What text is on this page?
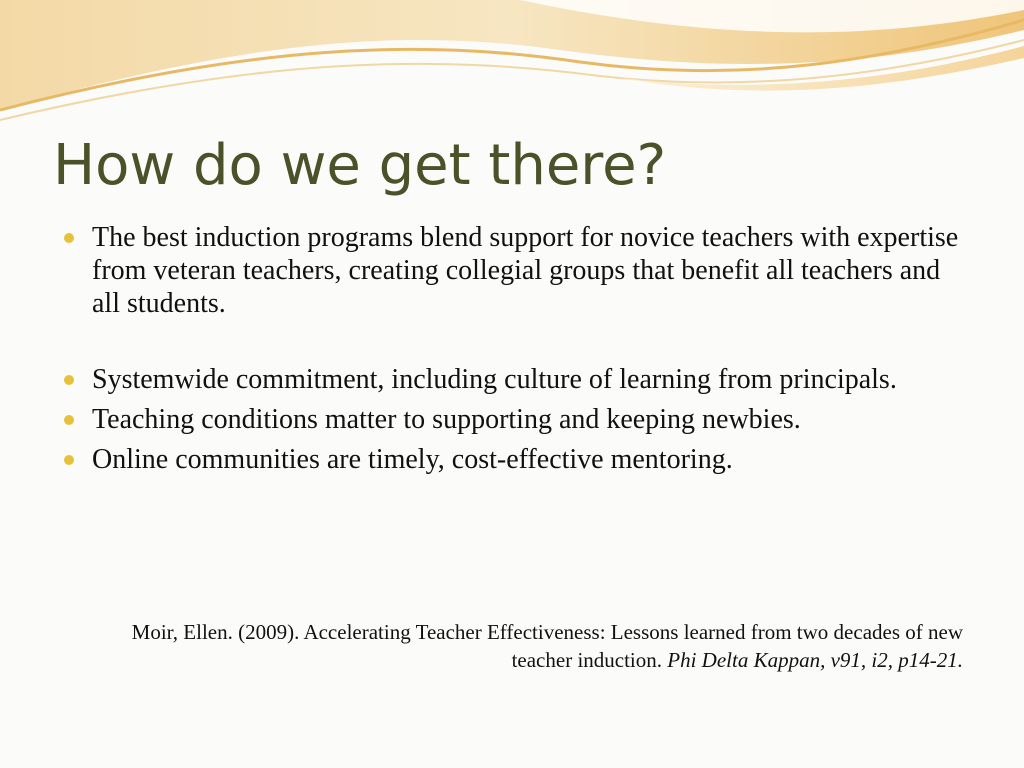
How do we get there?
The best induction programs blend support for novice teachers with expertise from veteran teachers, creating collegial groups that benefit all teachers and all students.
Systemwide commitment, including culture of learning from principals.
Teaching conditions matter to supporting and keeping newbies.
Online communities are timely, cost-effective mentoring.

Moir, Ellen. (2009). Accelerating Teacher Effectiveness: Lessons learned from two decades of new teacher induction. Phi Delta Kappan, v91, i2, p14-21.
